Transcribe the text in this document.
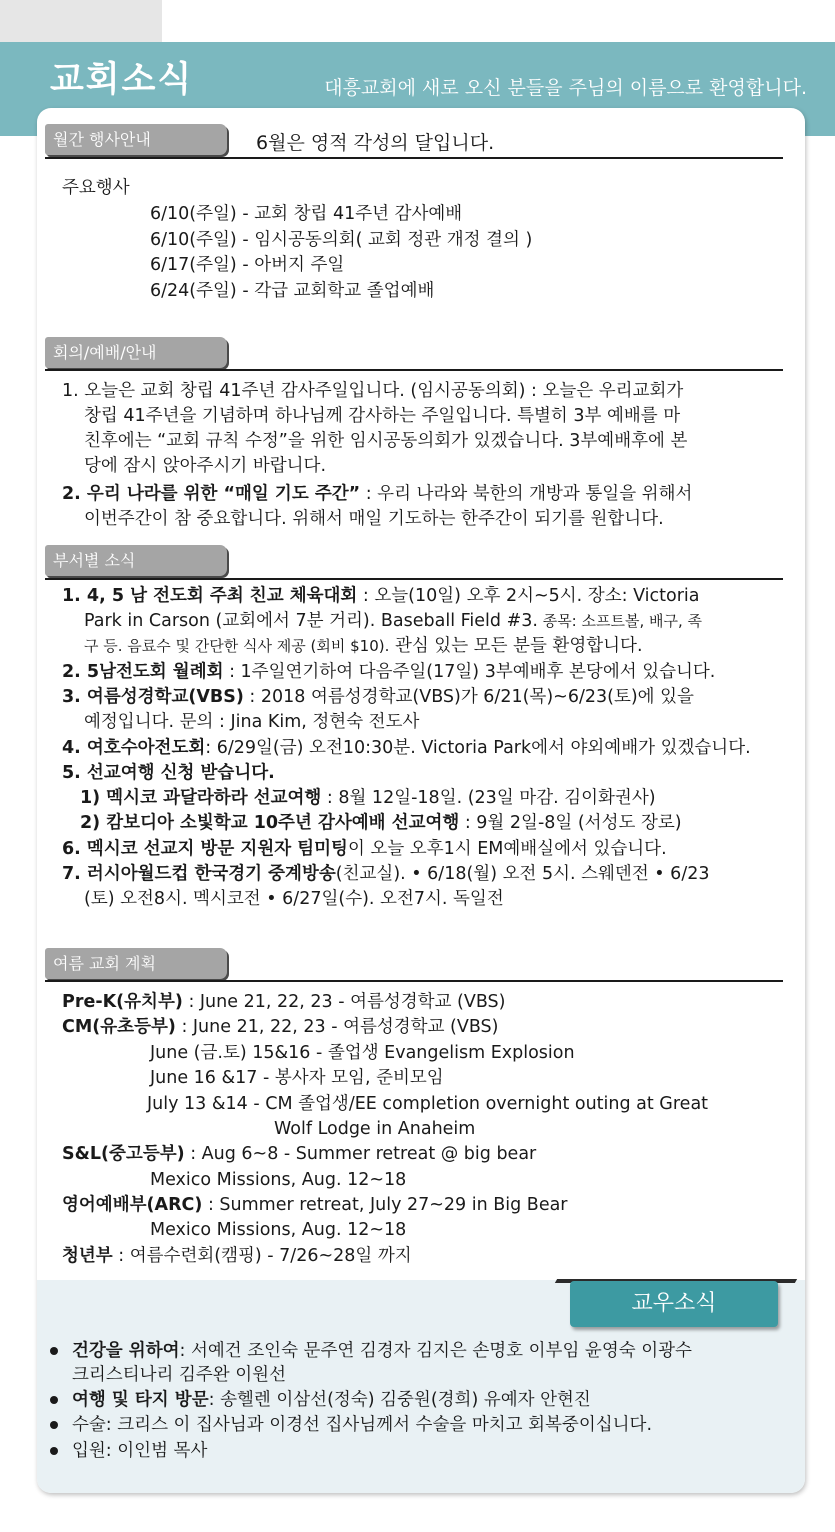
교회소식	대흥교회에 새로 오신 분들을 주님의 이름으로 환영합니다.
월간 행사안내	6월은 영적 각성의 달입니다.
주요행사
6/10(주일) - 교회 창립 41주년 감사예배
6/10(주일) - 임시공동의회( 교회 정관 개정 결의 )
6/17(주일) - 아버지 주일
6/24(주일) - 각급 교회학교 졸업예배
회의/예배/안내
1. 오늘은 교회 창립 41주년 감사주일입니다. (임시공동의회) : 오늘은 우리교회가
창립 41주년을 기념하며 하나님께 감사하는 주일입니다. 특별히 3부 예배를 마
친후에는 “교회 규칙 수정”을 위한 임시공동의회가 있겠습니다. 3부예배후에 본
당에 잠시 앉아주시기 바랍니다.
2. 우리 나라를 위한 “매일 기도 주간” : 우리 나라와 북한의 개방과 통일을 위해서
이번주간이 참 중요합니다. 위해서 매일 기도하는 한주간이 되기를 원합니다.
부서별 소식
1. 4, 5 남 전도회 주최 친교 체육대회 : 오늘(10일) 오후 2시~5시. 장소: Victoria
Park in Carson (교회에서 7분 거리). Baseball Field #3. 종목: 소프트볼, 배구, 족
구 등. 음료수 및 간단한 식사 제공 (회비 $10). 관심 있는 모든 분들 환영합니다.
2. 5남전도회 월례회 : 1주일연기하여 다음주일(17일) 3부예배후 본당에서 있습니다.
3. 여름성경학교(VBS) : 2018 여름성경학교(VBS)가 6/21(목)~6/23(토)에 있을
예정입니다. 문의 : Jina Kim, 정현숙 전도사
4. 여호수아전도회: 6/29일(금) 오전10:30분. Victoria Park에서 야외예배가 있겠습니다.
5. 선교여행 신청 받습니다.
1) 멕시코 과달라하라 선교여행 : 8월 12일-18일. (23일 마감. 김이화권사)
2) 캄보디아 소빛학교 10주년 감사예배 선교여행 : 9월 2일-8일 (서성도 장로)
6. 멕시코 선교지 방문 지원자 팀미팅이 오늘 오후1시 EM예배실에서 있습니다.
7. 러시아월드컵 한국경기 중계방송(친교실). • 6/18(월) 오전 5시. 스웨덴전 • 6/23
(토) 오전8시. 멕시코전 • 6/27일(수). 오전7시. 독일전
여름 교회 계획
Pre-K(유치부) : June 21, 22, 23 - 여름성경학교 (VBS)
CM(유초등부) : June 21, 22, 23 - 여름성경학교 (VBS)
June (금.토) 15&16 - 졸업생 Evangelism Explosion
June 16 &17 - 봉사자 모임, 준비모임
July 13 &14 - CM 졸업생/EE completion overnight outing at Great
Wolf Lodge in Anaheim
S&L(중고등부) : Aug 6~8 - Summer retreat @ big bear
Mexico Missions, Aug. 12~18
영어예배부(ARC) : Summer retreat, July 27~29 in Big Bear
Mexico Missions, Aug. 12~18
청년부 : 여름수련회(캠핑) - 7/26~28일 까지
교우소식
건강을 위하여: 서예건 조인숙 문주연 김경자 김지은 손명호 이부임 윤영숙 이광수
크리스티나리 김주완 이원선
여행 및 타지 방문: 송헬렌 이삼선(정숙) 김중원(경희) 유예자 안현진
수술: 크리스 이 집사님과 이경선 집사님께서 수술을 마치고 회복중이십니다.
입원: 이인범 목사
